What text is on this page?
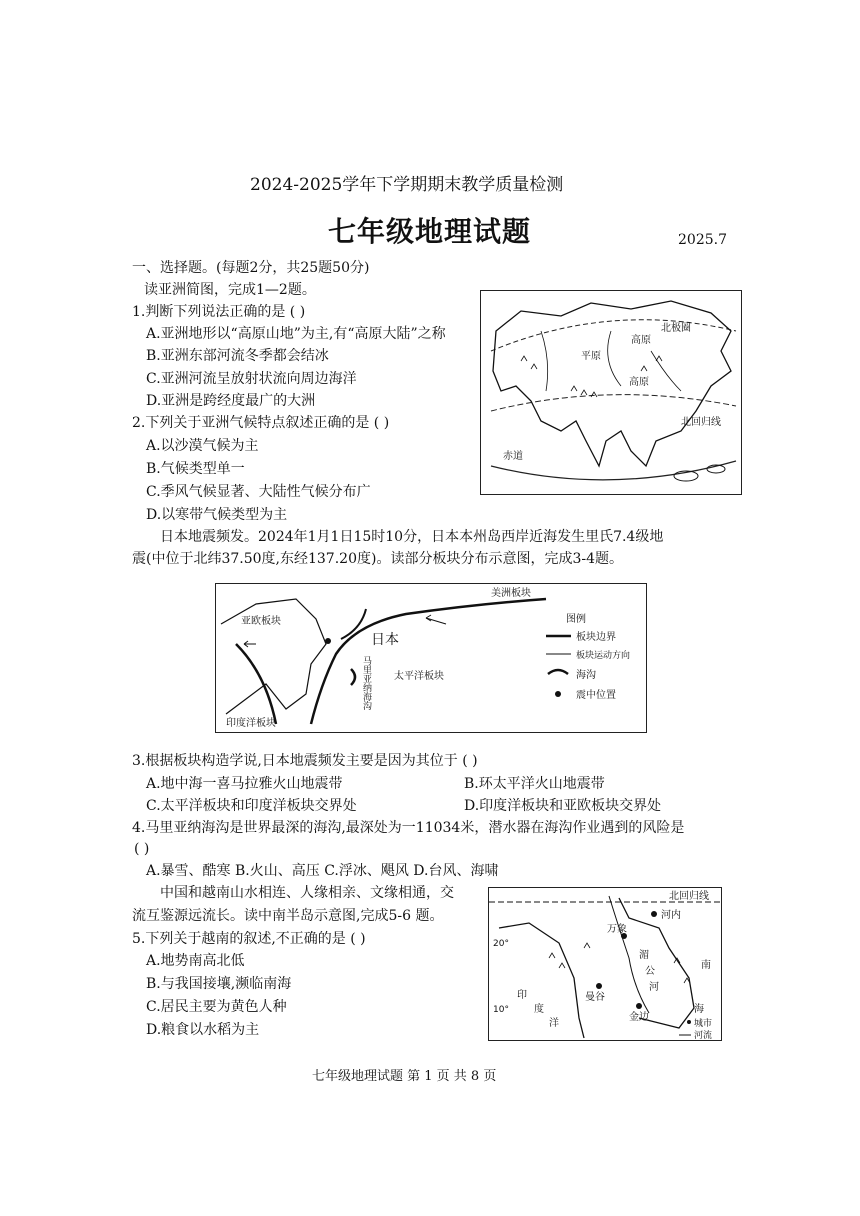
2024-2025学年下学期期末教学质量检测
七年级地理试题	2025.7
一、选择题。(每题2分，共25题50分)
读亚洲简图，完成1—2题。
1.判断下列说法正确的是 ( )
A.亚洲地形以“高原山地”为主,有“高原大陆”之称
B.亚洲东部河流冬季都会结冰
C.亚洲河流呈放射状流向周边海洋
D.亚洲是跨经度最广的大洲
2.下列关于亚洲气候特点叙述正确的是 ( )
A.以沙漠气候为主
B.气候类型单一
C.季风气候显著、大陆性气候分布广
D.以寒带气候类型为主
北极圈
平原
高原
高原
北回归线
赤道
日本地震频发。2024年1月1日15时10分，日本本州岛西岸近海发生里氏7.4级地
震(中位于北纬37.50度,东经137.20度)。读部分板块分布示意图，完成3-4题。
美洲板块
亚欧板块
日本
太平洋板块
印度洋板块
马里亚纳海沟
图例
板块边界
板块运动方向
海沟
震中位置
3.根据板块构造学说,日本地震频发主要是因为其位于 ( )
A.地中海一喜马拉雅火山地震带	B.环太平洋火山地震带
C.太平洋板块和印度洋板块交界处	D.印度洋板块和亚欧板块交界处
4.马里亚纳海沟是世界最深的海沟,最深处为一11034米，潜水器在海沟作业遇到的风险是
( )
A.暴雪、酷寒 B.火山、高压 C.浮冰、飓风 D.台风、海啸
中国和越南山水相连、人缘相亲、文缘相通，交
流互鉴源远流长。读中南半岛示意图,完成5-6 题。
5.下列关于越南的叙述,不正确的是 ( )
A.地势南高北低
B.与我国接壤,濒临南海
C.居民主要为黄色人种
D.粮食以水稻为主
北回归线
河内
万象
湄
公
河
曼谷
金边
印
度
洋
南
海
城市
河流
20°
10°
七年级地理试题 第 1 页 共 8 页
